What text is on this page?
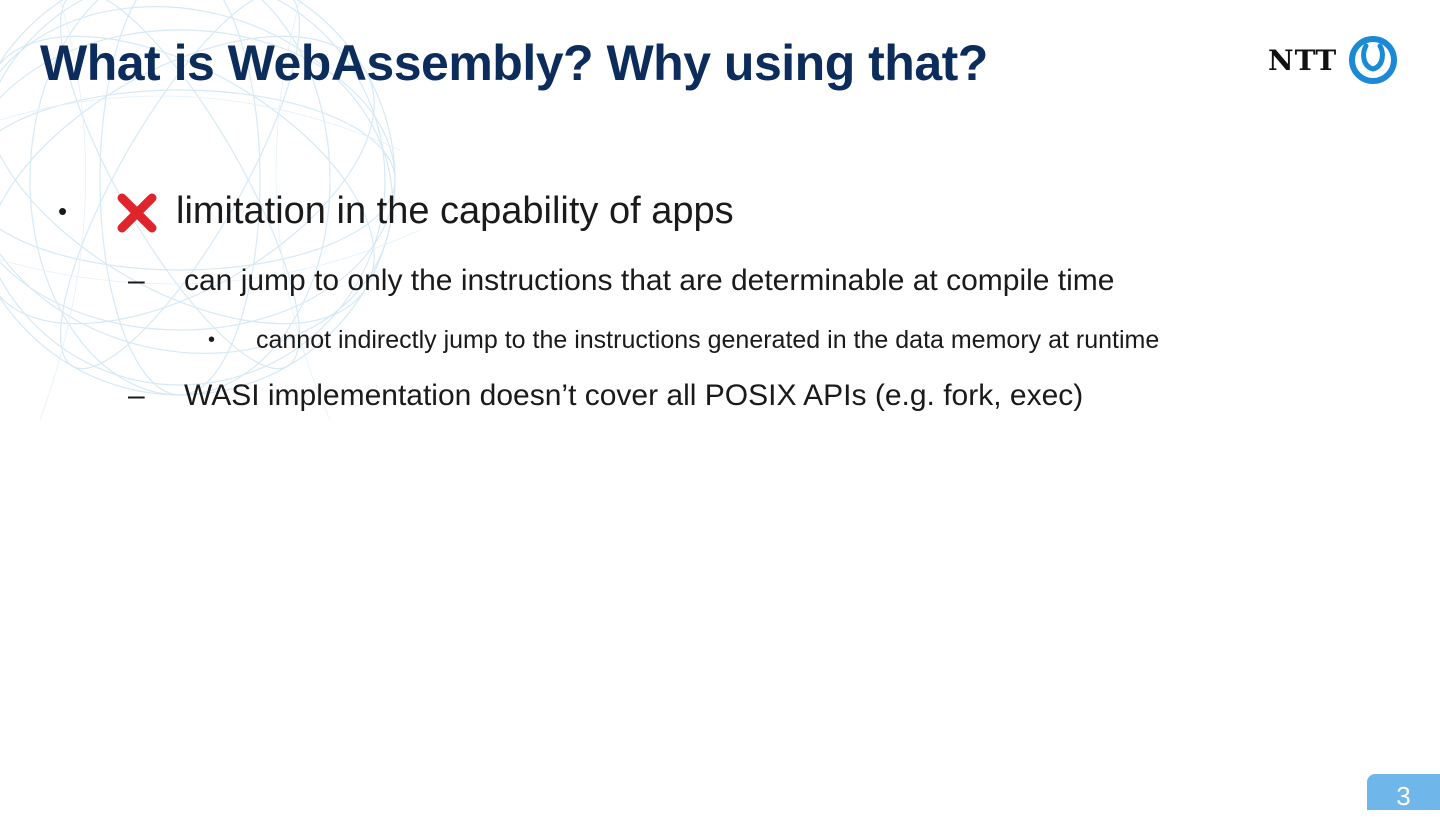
What is WebAssembly? Why using that?	NTT
•	limitation in the capability of apps
– can jump to only the instructions that are determinable at compile time
• cannot indirectly jump to the instructions generated in the data memory at runtime
– WASI implementation doesn’t cover all POSIX APIs (e.g. fork, exec)
3
